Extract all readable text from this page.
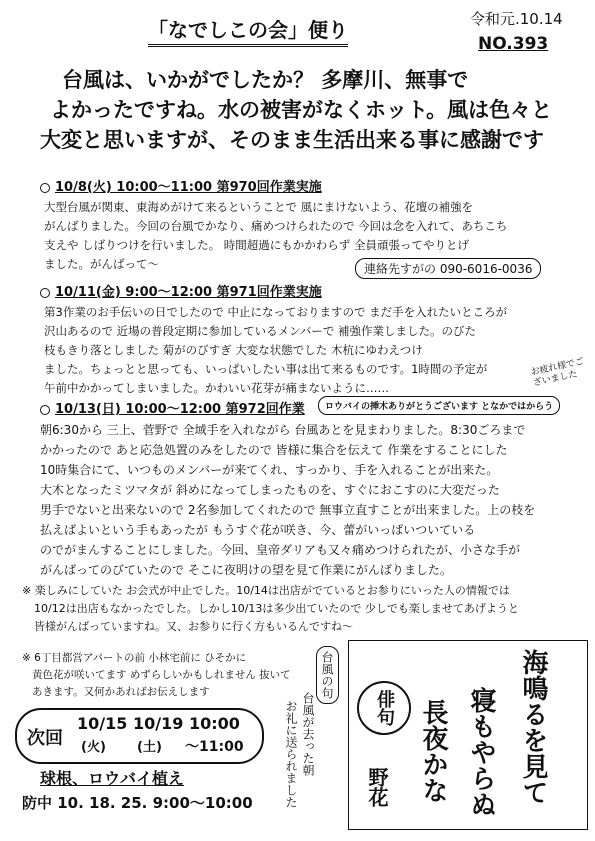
「なでしこの会」便り	令和元.10.14
NO.393
台風は、いかがでしたか？ 多摩川、無事で
よかったですね。水の被害がなくホット。風は色々と
大変と思いますが、そのまま生活出来る事に感謝です
10/8(火) 10:00〜11:00 第970回作業実施
大型台風が関東、東海めがけて来るということで 風にまけないよう、花壇の補強を
がんばりました。今回の台風でかなり、痛めつけられたので 今回は念を入れて、あちこち
支えや しばりつけを行いました。 時間超過にもかかわらず 全員頑張ってやりとげ
ました。がんばって〜	連絡先すがの 090-6016-0036
10/11(金) 9:00〜12:00 第971回作業実施
第3作業のお手伝いの日でしたので 中止になっておりますので まだ手を入れたいところが
沢山あるので 近場の普段定期に参加しているメンバーで 補強作業しました。のびた
枝もきり落としました 菊がのびすぎ 大変な状態でした 木杭にゆわえつけ
ました。ちょっとと思っても、いっぱいしたい事は出て来るものです。1時間の予定が
午前中かかってしまいました。かわいい花芽が痛まないように……
お疲れ様でございました
10/13(日) 10:00〜12:00 第972回作業	ロウバイの挿木ありがとうございます となかではからう
朝6:30から 三上、菅野で 全域手を入れながら 台風あとを見まわりました。8:30ごろまで
かかったので あと応急処置のみをしたので 皆様に集合を伝えて 作業をすることにした
10時集合にて、いつものメンバーが来てくれ、すっかり、手を入れることが出来た。
大木となったミツマタが 斜めになってしまったものを、すぐにおこすのに大変だった
男手でないと出来ないので 2名参加してくれたので 無事立直すことが出来ました。上の枝を
払えばよいという手もあったが もうすぐ花が咲き、今、蕾がいっぱいついている
のでがまんすることにしました。今回、皇帝ダリアも又々痛めつけられたが、小さな手が
がんばってのびていたので そこに夜明けの望を見て作業にがんばりました。
※ 楽しみにしていた お会式が中止でした。10/14は出店がでているとお参りにいった人の情報では
10/12は出店もなかったでした。しかし10/13は多少出ていたので 少しでも楽しませてあげようと
皆様がんばっていますね。又、お参りに行く方もいるんですね〜
※ 6丁目都営アパートの前 小林宅前に ひそかに
黄色花が咲いてます めずらしいかもしれません 抜いて
あきます。又何かあればお伝えします	台風の句
台風が去った朝
お礼に送られました	俳句	海鳴るを見て
寝もやらぬ
長夜かな
野花
次回
10/15
(火)
10/19
(土)
10:00
〜11:00
球根、ロウバイ植え
防中 10. 18. 25. 9:00〜10:00
